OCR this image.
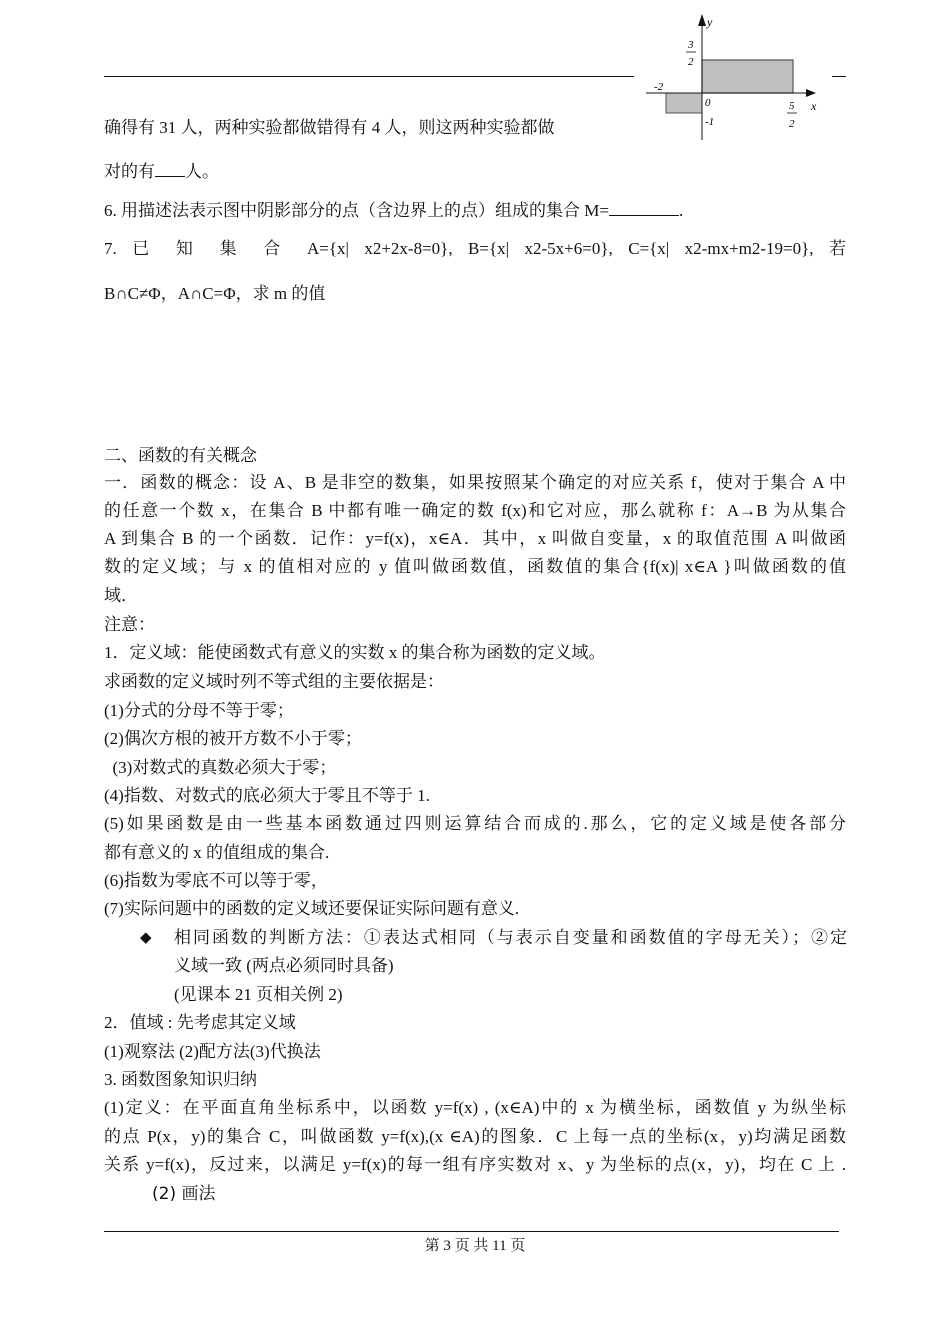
y
x
0
3
2
-1
-2
5
2
确得有 31 人，两种实验都做错得有 4 人，则这两种实验都做
对的有 人。
6. 用描述法表示图中阴影部分的点（含边界上的点）组成的集合 M=	.
7. 已 知 集 合 A={x| x2+2x-8=0}, B={x| x2-5x+6=0}, C={x| x2-mx+m2-19=0}, 若
B∩C≠Φ，A∩C=Φ，求 m 的值
二、函数的有关概念
一．函数的概念：设 A、B 是非空的数集，如果按照某个确定的对应关系 f，使对于集合 A 中
的任意一个数 x，在集合 B 中都有唯一确定的数 f(x)和它对应，那么就称 f：A→B 为从集合
A 到集合 B 的一个函数．记作：y=f(x)，x∈A．其中，x 叫做自变量，x 的取值范围 A 叫做函
数的定义域；与 x 的值相对应的 y 值叫做函数值，函数值的集合{f(x)| x∈A }叫做函数的值
域．
注意：
1．定义域：能使函数式有意义的实数 x 的集合称为函数的定义域。
求函数的定义域时列不等式组的主要依据是：
(1)分式的分母不等于零；
(2)偶次方根的被开方数不小于零；
(3)对数式的真数必须大于零；
(4)指数、对数式的底必须大于零且不等于 1.
(5)如果函数是由一些基本函数通过四则运算结合而成的.那么，它的定义域是使各部分
都有意义的 x 的值组成的集合.
(6)指数为零底不可以等于零，
(7)实际问题中的函数的定义域还要保证实际问题有意义.
◆ 相同函数的判断方法：①表达式相同（与表示自变量和函数值的字母无关）；②定
义域一致 (两点必须同时具备)
(见课本 21 页相关例 2)
2．值域 : 先考虑其定义域
(1)观察法 (2)配方法(3)代换法
3. 函数图象知识归纳
(1)定义：在平面直角坐标系中，以函数 y=f(x) , (x∈A)中的 x 为横坐标，函数值 y 为纵坐标
的点 P(x，y)的集合 C，叫做函数 y=f(x),(x ∈A)的图象．C 上每一点的坐标(x，y)均满足函数
关系 y=f(x)，反过来，以满足 y=f(x)的每一组有序实数对 x、y 为坐标的点(x，y)，均在 C 上 .
(2) 画法
第 3 页 共 11 页
